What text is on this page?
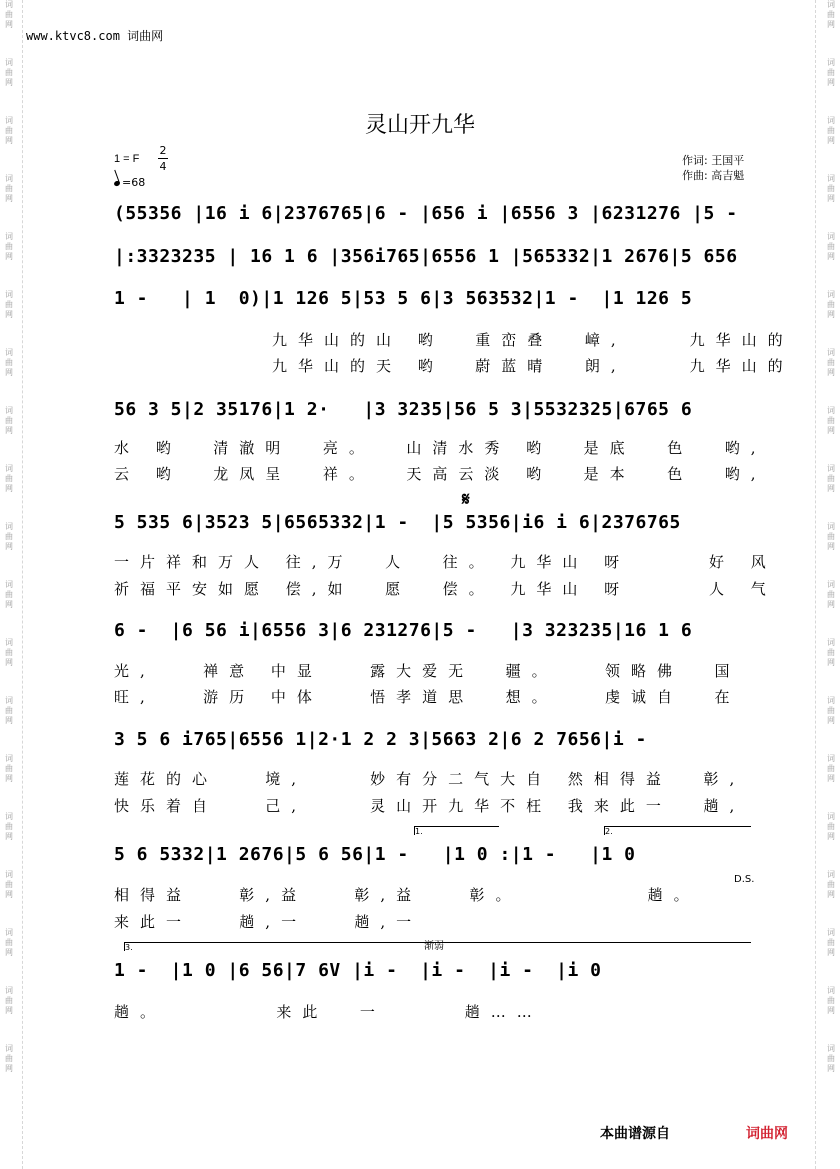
词
曲
网
词
曲
网
词
曲
网
词
曲
网
词
曲
网
词
曲
网
词
曲
网
词
曲
网
词
曲
网
词
曲
网
词
曲
网
词
曲
网
词
曲
网
词
曲
网
词
曲
网
词
曲
网
词
曲
网
词
曲
网
词
曲
网
词
曲
网
词
曲
网
词
曲
网
词
曲
网
词
曲
网
词
曲
网
词
曲
网
词
曲
网
词
曲
网
词
曲
网
词
曲
网
词
曲
网
词
曲
网
词
曲
网
词
曲
网
词
曲
网
词
曲
网
词
曲
网
词
曲
网
www.ktvc8.com 词曲网
灵山开九华
1 = F
2
4
=68
作词: 王国平
作曲: 高吉魁
(55356 |16 i 6|2376765|6 - |656 i |6556 3 |6231276 |5 -
|:3323235 | 16 1 6 |356i765|6556 1 |565332|1 2676|5 656
1 -   | 1  0)|1 126 5|53 5 6|3 563532|1 -  |1 126 5
九华山的山 哟  重峦叠  嶂,    九华山的
九华山的天 哟  蔚蓝晴  朗,    九华山的
56 3 5|2 35176|1 2·   |3 3235|56 5 3|5532325|6765 6
水 哟  清澈明  亮。  山清水秀 哟  是底  色  哟,
云 哟  龙凤呈  祥。  天高云淡 哟  是本  色  哟,
𝄋
5 535 6|3523 5|6565332|1 -  |5 5356|i6 i 6|2376765
一片祥和万人 往,万  人  往。 九华山 呀     好 风
祈福平安如愿 偿,如  愿  偿。 九华山 呀     人 气
6 -  |6 56 i|6556 3|6 231276|5 -   |3 323235|16 1 6
光,   禅意 中显   露大爱无  疆。   领略佛  国
旺,   游历 中体   悟孝道思  想。   虔诚自  在
3 5 6 i765|6556 1|2·1 2 2 3|5663 2|6 2 7656|i -
莲花的心   境,    妙有分二气大自 然相得益  彰,
快乐着自   己,    灵山开九华不枉 我来此一  趟,
1.	2.
5 6 5332|1 2676|5 6 56|1 -   |1 0 :|1 -   |1 0
D.S.
相得益   彰,益   彰,益   彰。        趟。
来此一   趟,一   趟,一
3.	渐弱
1 -  |1 0 |6 56|7 6V |i -  |i -  |i -  |i 0
趟。       来此  一     趟……
本曲谱源自	词曲网
